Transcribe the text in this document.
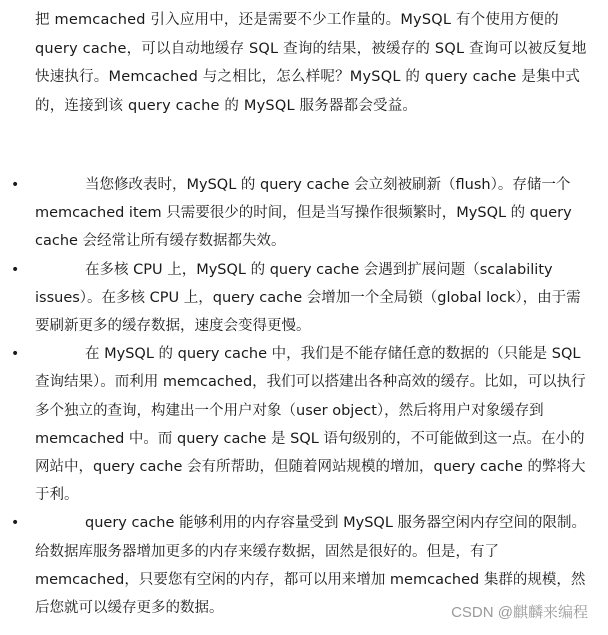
把 memcached 引入应用中，还是需要不少工作量的。MySQL 有个使用方便的 query cache，可以自动地缓存 SQL 查询的结果，被缓存的 SQL 查询可以被反复地快速执行。Memcached 与之相比，怎么样呢？MySQL 的 query cache 是集中式的，连接到该 query cache 的 MySQL 服务器都会受益。

•	当您修改表时，MySQL 的 query cache 会立刻被刷新（flush）。存储一个 memcached item 只需要很少的时间，但是当写操作很频繁时，MySQL 的 query cache 会经常让所有缓存数据都失效。
•	在多核 CPU 上，MySQL 的 query cache 会遇到扩展问题（scalability issues）。在多核 CPU 上，query cache 会增加一个全局锁（global lock），由于需要刷新更多的缓存数据，速度会变得更慢。
•	在 MySQL 的 query cache 中，我们是不能存储任意的数据的（只能是 SQL 查询结果）。而利用 memcached，我们可以搭建出各种高效的缓存。比如，可以执行多个独立的查询，构建出一个用户对象（user object），然后将用户对象缓存到 memcached 中。而 query cache 是 SQL 语句级别的，不可能做到这一点。在小的网站中，query cache 会有所帮助，但随着网站规模的增加，query cache 的弊将大于利。
•	query cache 能够利用的内存容量受到 MySQL 服务器空闲内存空间的限制。给数据库服务器增加更多的内存来缓存数据，固然是很好的。但是，有了 memcached，只要您有空闲的内存，都可以用来增加 memcached 集群的规模，然后您就可以缓存更多的数据。	CSDN @麒麟来编程
